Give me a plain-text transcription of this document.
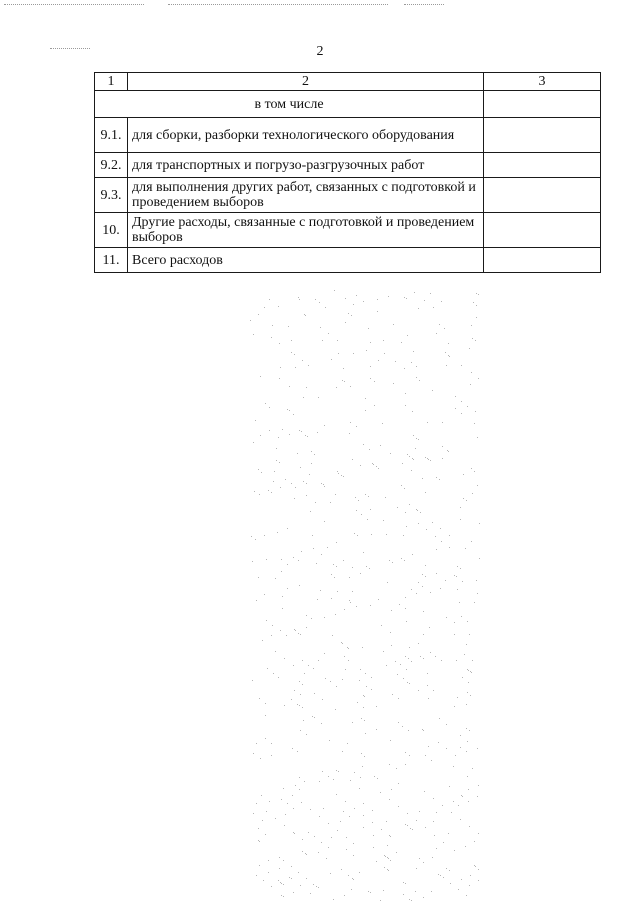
2
1	2	3
в том числе		
9.1.	для сборки, разборки технологического оборудования	
9.2.	для транспортных и погрузо-разгрузочных работ	
9.3.	для выполнения других работ, связанных с подготовкой и проведением выборов	
10.	Другие расходы, связанные с подготовкой и проведением выборов	
11.	Всего расходов	
